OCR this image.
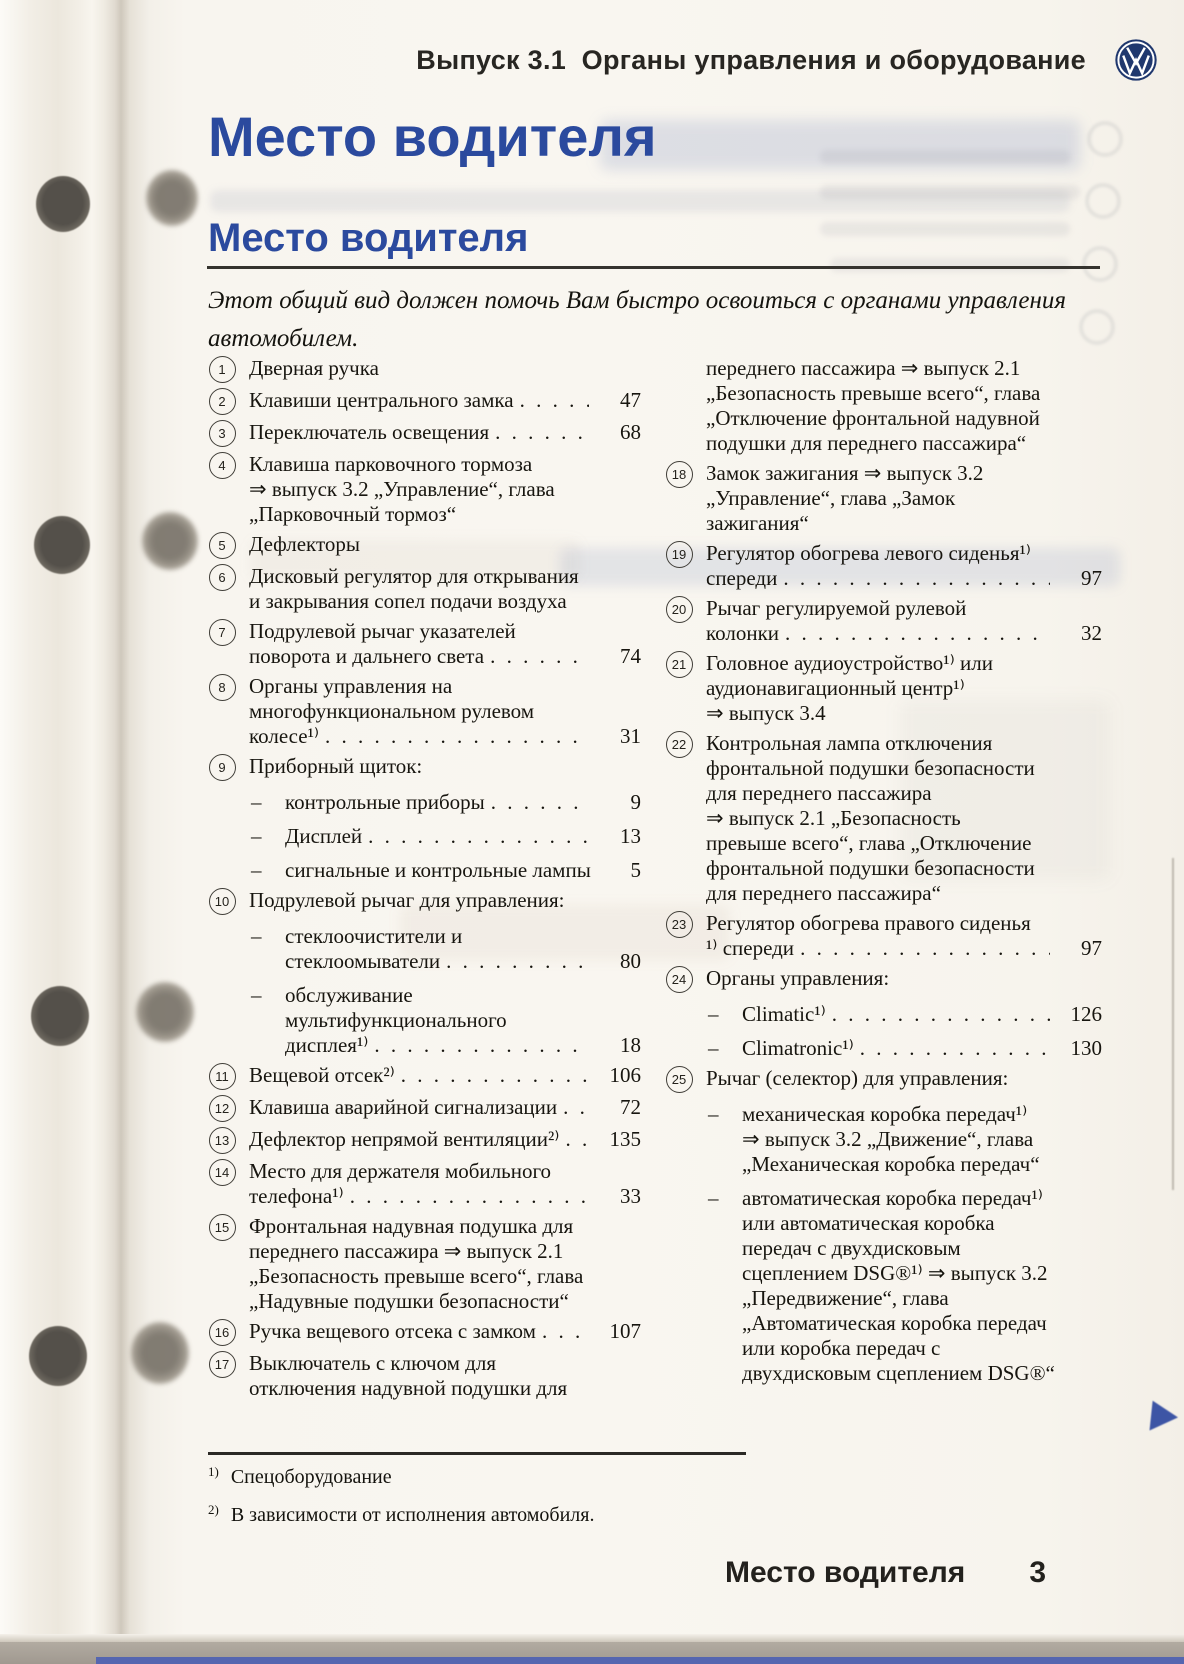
Выпуск 3.1  Органы управления и оборудование
Место водителя
Место водителя

Этот общий вид должен помочь Вам быстро освоиться с органами управления автомобилем.

1	Дверная ручка
2	Клавиши центрального замка . . .	47
3	Переключатель освещения . . .	68
4	Клавиша парковочного тормоза
⇒ выпуск 3.2 „Управление“, глава
„Парковочный тормоз“
5	Дефлекторы
6	Дисковый регулятор для открывания
и закрывания сопел подачи воздуха
7	Подрулевой рычаг указателей
поворота и дальнего света . . .	74
8	Органы управления на
многофункциональном рулевом
колесе¹⁾ . . .	31
9	Приборный щиток:
– контрольные приборы . . .	9
– Дисплей . . .	13
– сигнальные и контрольные лампы	5
10 Подрулевой рычаг для управления:
– стеклоочистители и
стеклоомыватели . . .	80
– обслуживание
мультифункционального
дисплея¹⁾ . . .	18
11 Вещевой отсек²⁾ . . .	106
12 Клавиша аварийной сигнализации . . .	72
13 Дефлектор непрямой вентиляции²⁾ . . .	135
14 Место для держателя мобильного
телефона¹⁾ . . .	33
15 Фронтальная надувная подушка для
переднего пассажира ⇒ выпуск 2.1
„Безопасность превыше всего“, глава
„Надувные подушки безопасности“
16 Ручка вещевого отсека с замком . . .	107
17 Выключатель с ключом для
отключения надувной подушки для
переднего пассажира ⇒ выпуск 2.1
„Безопасность превыше всего“, глава
„Отключение фронтальной надувной
подушки для переднего пассажира“
18 Замок зажигания ⇒ выпуск 3.2
„Управление“, глава „Замок
зажигания“
19 Регулятор обогрева левого сиденья¹⁾
спереди . . .	97
20 Рычаг регулируемой рулевой
колонки . . .	32
21 Головное аудиоустройство¹⁾ или
аудионавигационный центр¹⁾
⇒ выпуск 3.4
22 Контрольная лампа отключения
фронтальной подушки безопасности
для переднего пассажира
⇒ выпуск 2.1 „Безопасность
превыше всего“, глава „Отключение
фронтальной подушки безопасности
для переднего пассажира“
23 Регулятор обогрева правого сиденья
¹⁾ спереди . . .	97
24 Органы управления:
– Climatic¹⁾ . . .	126
– Climatronic¹⁾ . . .	130
25 Рычаг (селектор) для управления:
– механическая коробка передач¹⁾
⇒ выпуск 3.2 „Движение“, глава
„Механическая коробка передач“
– автоматическая коробка передач¹⁾
или автоматическая коробка
передач с двухдисковым
сцеплением DSG®¹⁾ ⇒ выпуск 3.2
„Передвижение“, глава
„Автоматическая коробка передач
или коробка передач с
двухдисковым сцеплением DSG®“
$^{1)}$ Спецоборудование
$^{2)}$ В зависимости от исполнения автомобиля.
Место водителя 3
